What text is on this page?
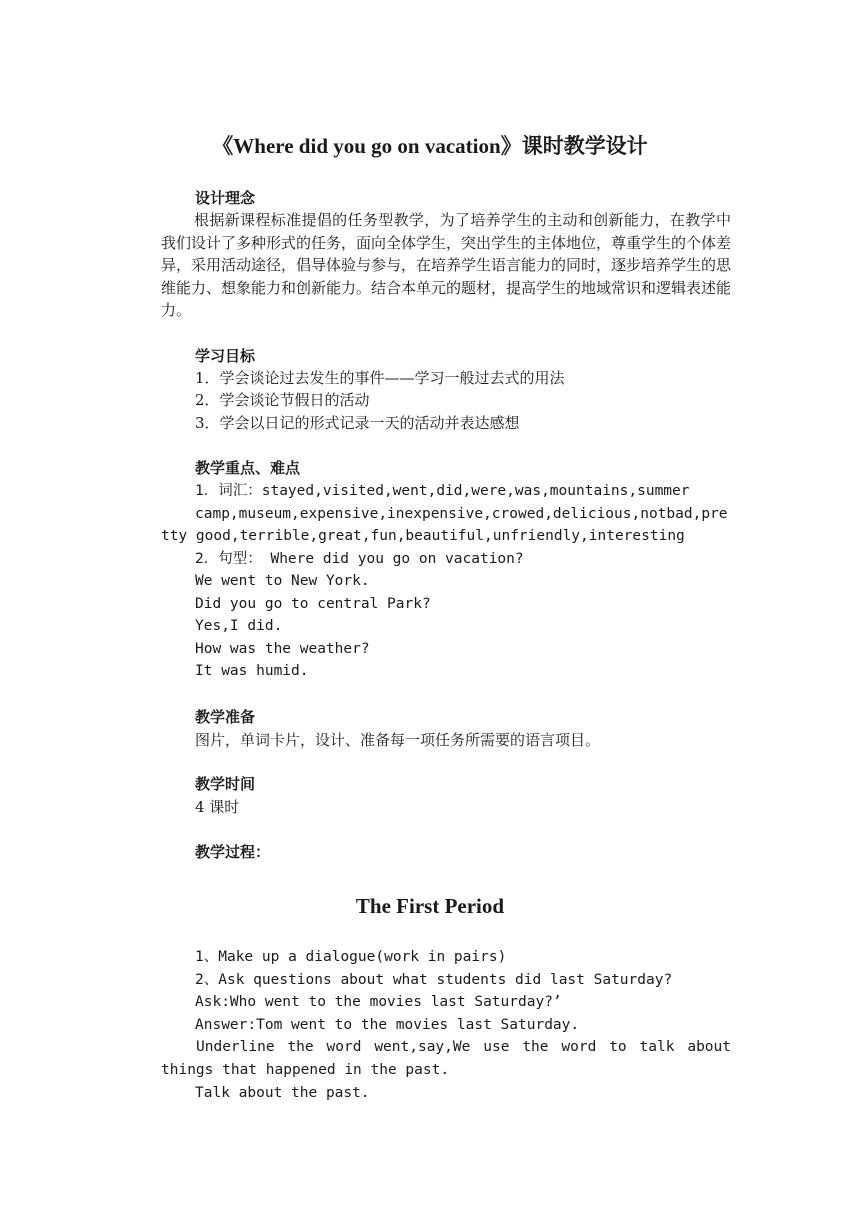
《Where did you go on vacation》课时教学设计
设计理念

根据新课程标准提倡的任务型教学，为了培养学生的主动和创新能力，在教学中我们设计了多种形式的任务，面向全体学生，突出学生的主体地位，尊重学生的个体差异，采用活动途径，倡导体验与参与，在培养学生语言能力的同时，逐步培养学生的思维能力、想象能力和创新能力。结合本单元的题材，提高学生的地域常识和逻辑表述能力。

学习目标
1．学会谈论过去发生的事件——学习一般过去式的用法
2．学会谈论节假日的活动
3．学会以日记的形式记录一天的活动并表达感想
教学重点、难点
1．词汇：stayed,visited,went,did,were,was,mountains,summer
camp,museum,expensive,inexpensive,crowed,delicious,notbad,pre
tty good,terrible,great,fun,beautiful,unfriendly,interesting
2．句型： Where did you go on vacation?
We went to New York.
Did you go to central Park?
Yes,I did.
How was the weather?
It was humid.
教学准备
图片，单词卡片，设计、准备每一项任务所需要的语言项目。
教学时间
4 课时
教学过程：
The First Period
1、Make up a dialogue(work in pairs)
2、Ask questions about what students did last Saturday?
Ask:Who went to the movies last Saturday?’
Answer:Tom went to the movies last Saturday.

Underline the word went,say,We use the word to talk about things that happened in the past.

Talk about the past.
